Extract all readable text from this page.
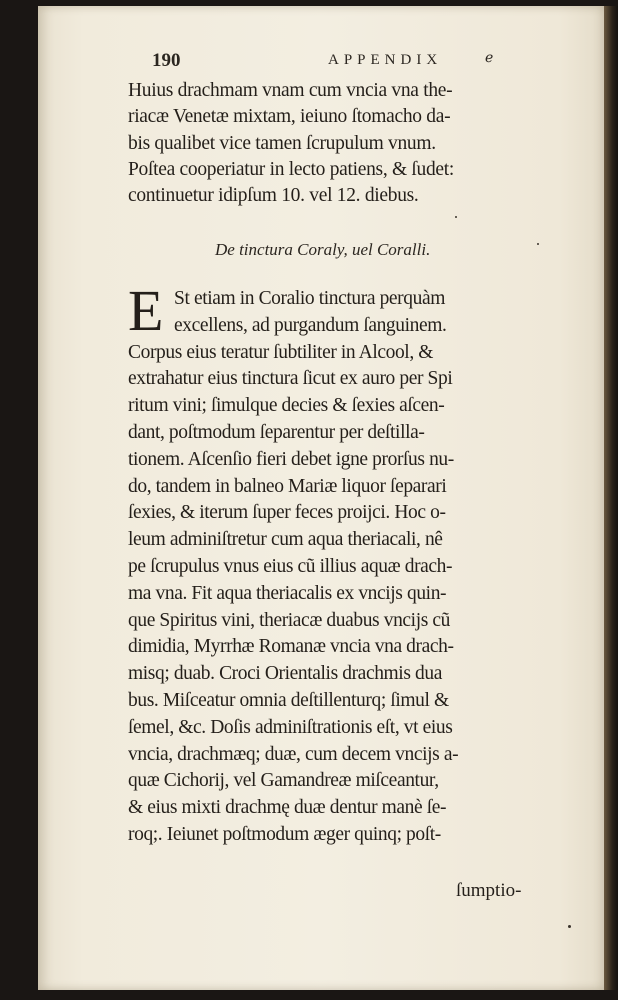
190	APPENDIX	ℯ
Huius drachmam vnam cum vncia vna the-
riacæ Venetæ mixtam, ieiuno ſtomacho da-
bis qualibet vice tamen ſcrupulum vnum.
Poſtea cooperiatur in lecto patiens, & ſudet:
continuetur idipſum 10. vel 12. diebus.
De tinctura Coraly, uel Coralli.
E St etiam in Coralio tinctura perquàm
excellens, ad purgandum ſanguinem.
Corpus eius teratur ſubtiliter in Alcool, &
extrahatur eius tinctura ſicut ex auro per Spi
ritum vini; ſimulque decies & ſexies aſcen-
dant, poſtmodum ſeparentur per deſtilla-
tionem. Aſcenſio fieri debet igne prorſus nu-
do, tandem in balneo Mariæ liquor ſeparari
ſexies, & iterum ſuper feces proijci. Hoc o-
leum adminiſtretur cum aqua theriacali, nê
pe ſcrupulus vnus eius cũ illius aquæ drach-
ma vna. Fit aqua theriacalis ex vncijs quin-
que Spiritus vini, theriacæ duabus vncijs cũ
dimidia, Myrrhæ Romanæ vncia vna drach-
misq; duab. Croci Orientalis drachmis dua
bus. Miſceatur omnia deſtillenturq; ſimul &
ſemel, &c. Doſis adminiſtrationis eſt, vt eius
vncia, drachmæq; duæ, cum decem vncijs a-
quæ Cichorij, vel Gamandreæ miſceantur,
& eius mixti drachmę duæ dentur manè ſe-
roq;. Ieiunet poſtmodum æger quinq; poſt-
ſumptio-
